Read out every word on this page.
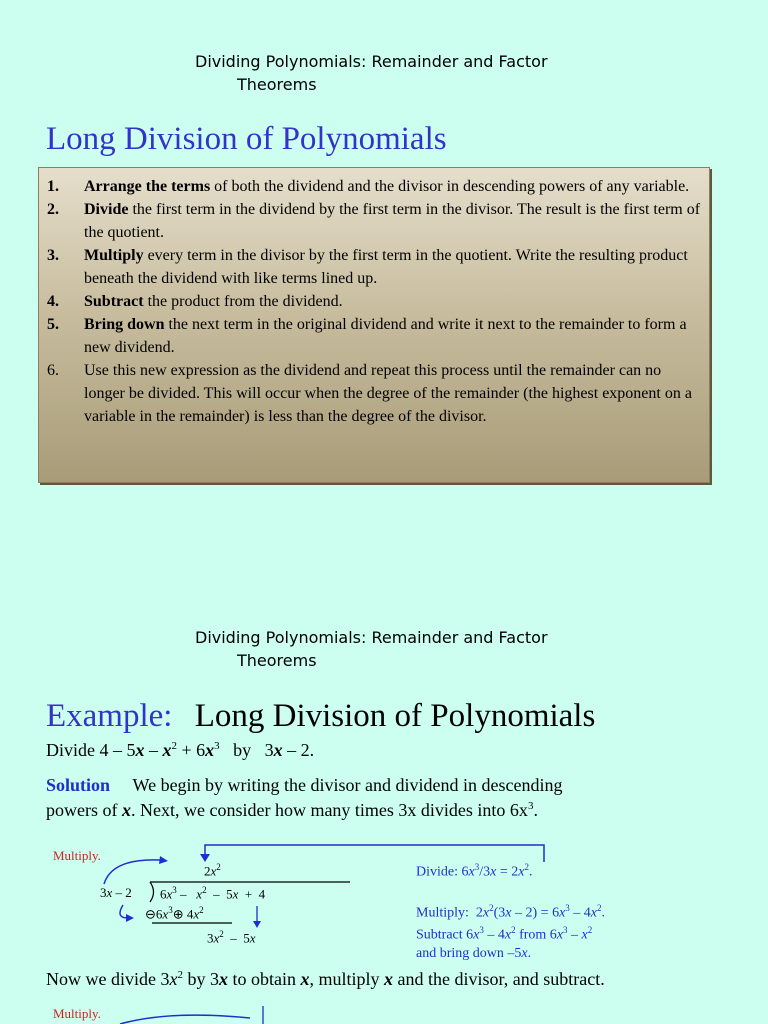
Dividing Polynomials: Remainder and Factor
Theorems
Long Division of Polynomials
1.	Arrange the terms of both the dividend and the divisor in descending powers of any variable.
2.	Divide the first term in the dividend by the first term in the divisor. The result is the first term of the quotient.
3.	Multiply every term in the divisor by the first term in the quotient. Write the resulting product beneath the dividend with like terms lined up.
4.	Subtract the product from the dividend.
5.	Bring down the next term in the original dividend and write it next to the remainder to form a new dividend.
6.	Use this new expression as the dividend and repeat this process until the remainder can no longer be divided. This will occur when the degree of the remainder (the highest exponent on a variable in the remainder) is less than the degree of the divisor.
Dividing Polynomials: Remainder and Factor
Theorems
Example: Long Division of Polynomials
Divide $4 - 5x - x^2 + 6x^3$ by   3x – 2.
Solution We begin by writing the divisor and dividend in descending
powers of x. Next, we consider how many times 3x divides into $6x^3$.
Multiply.
$2x^2$
3x – 2 $6x^3 - x^2 - 5x + 4$
$⊖6x^3\oplus$ $4x^2$
$3x^2 - 5x$
Divide: $6x^3/3x = 2x^2$.
Multiply:  $2x^2(3x - 2) = 6x^3 - 4x^2$.
Subtract $6x^3 - 4x^2$ from $6x^3 - x^2$
and bring down –5x.
Now we divide $3x^2$ by 3x to obtain x, multiply x and the divisor, and subtract.
Multiply.
